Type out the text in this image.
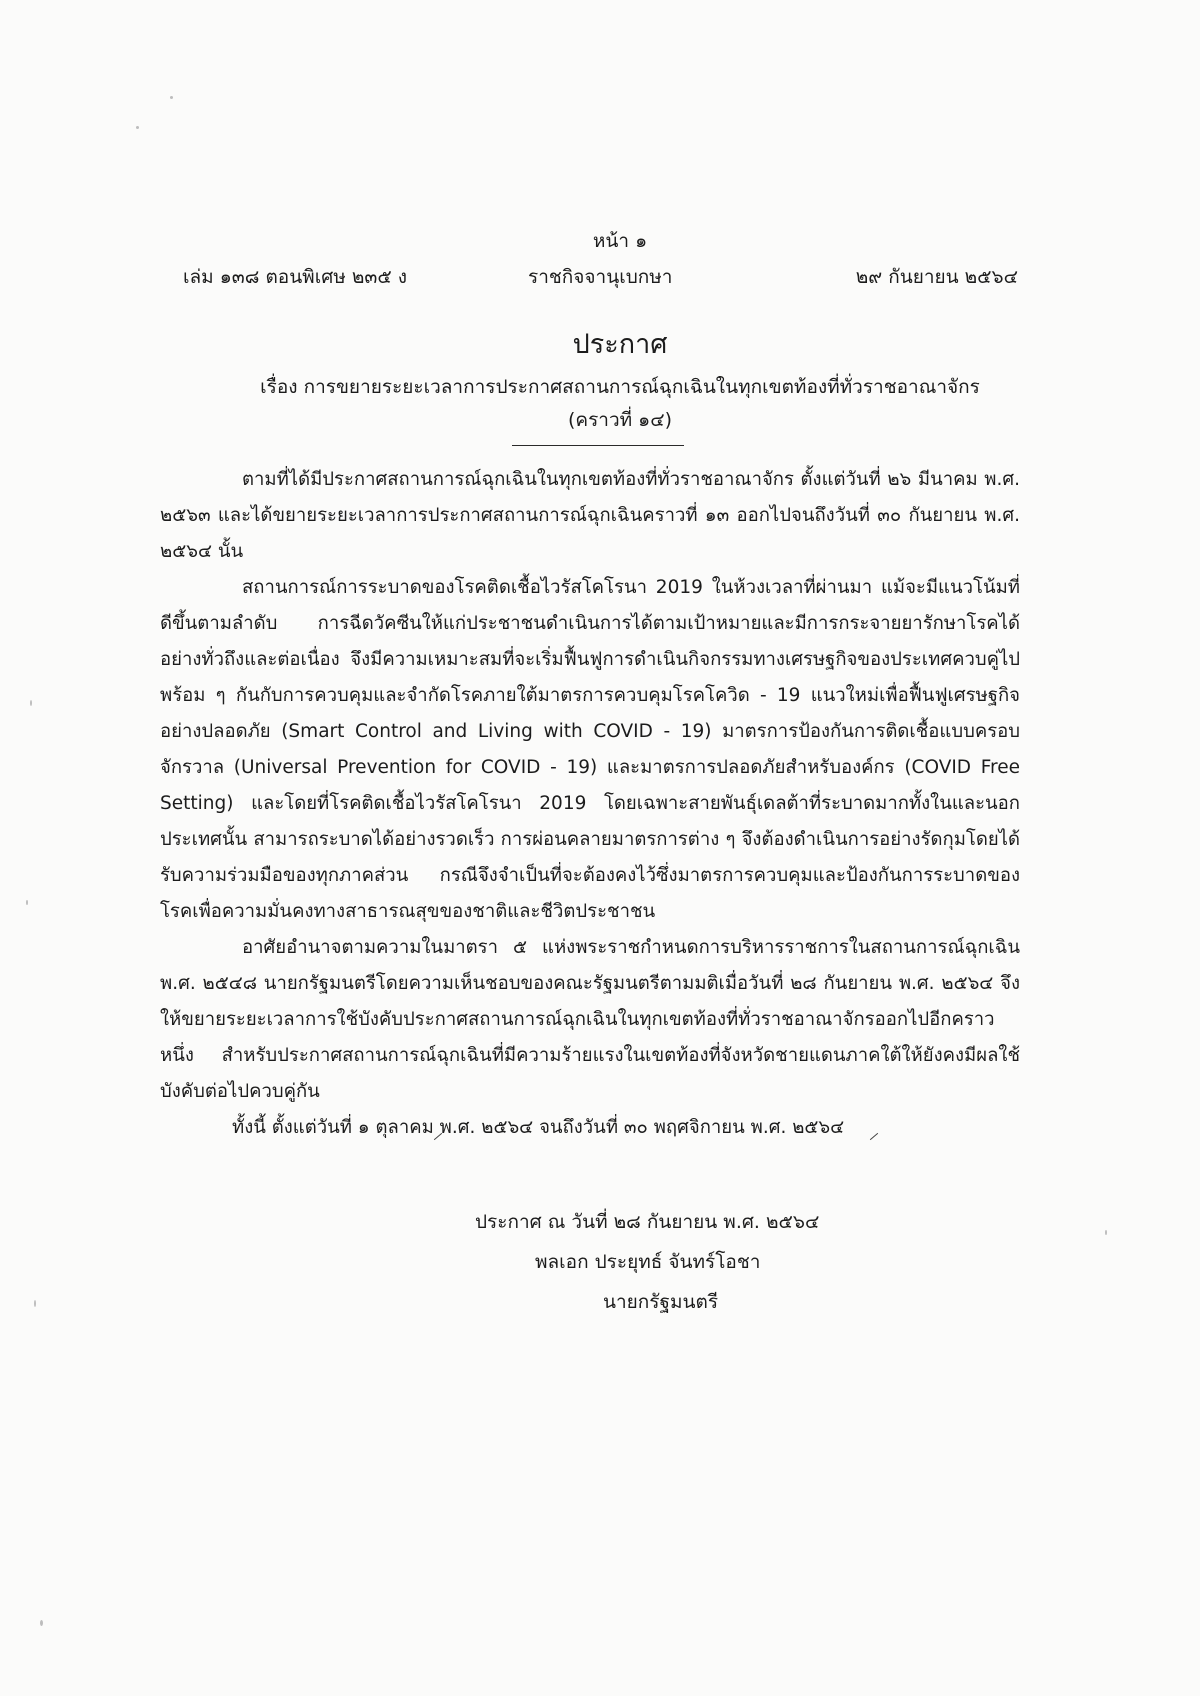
หน้า ๑
เล่ม ๑๓๘ ตอนพิเศษ ๒๓๕ ง	ราชกิจจานุเบกษา	๒๙ กันยายน ๒๕๖๔
ประกาศ
เรื่อง การขยายระยะเวลาการประกาศสถานการณ์ฉุกเฉินในทุกเขตท้องที่ทั่วราชอาณาจักร
(คราวที่ ๑๔)

ตามที่ได้มีประกาศสถานการณ์ฉุกเฉินในทุกเขตท้องที่ทั่วราชอาณาจักร ตั้งแต่วันที่ ๒๖ มีนาคม พ.ศ. ๒๕๖๓ และได้ขยายระยะเวลาการประกาศสถานการณ์ฉุกเฉินคราวที่ ๑๓ ออกไปจนถึงวันที่ ๓๐ กันยายน พ.ศ. ๒๕๖๔ นั้น

สถานการณ์การระบาดของโรคติดเชื้อไวรัสโคโรนา 2019 ในห้วงเวลาที่ผ่านมา แม้จะมีแนวโน้มที่ดีขึ้นตามลำดับ การฉีดวัคซีนให้แก่ประชาชนดำเนินการได้ตามเป้าหมายและมีการกระจายยารักษาโรคได้อย่างทั่วถึงและต่อเนื่อง จึงมีความเหมาะสมที่จะเริ่มฟื้นฟูการดำเนินกิจกรรมทางเศรษฐกิจของประเทศควบคู่ไปพร้อม ๆ กันกับการควบคุมและจำกัดโรคภายใต้มาตรการควบคุมโรคโควิด - 19 แนวใหม่เพื่อฟื้นฟูเศรษฐกิจอย่างปลอดภัย (Smart Control and Living with COVID - 19) มาตรการป้องกันการติดเชื้อแบบครอบจักรวาล (Universal Prevention for COVID - 19) และมาตรการปลอดภัยสำหรับองค์กร (COVID Free Setting) และโดยที่โรคติดเชื้อไวรัสโคโรนา 2019 โดยเฉพาะสายพันธุ์เดลต้าที่ระบาดมากทั้งในและนอกประเทศนั้น สามารถระบาดได้อย่างรวดเร็ว การผ่อนคลายมาตรการต่าง ๆ จึงต้องดำเนินการอย่างรัดกุมโดยได้รับความร่วมมือของทุกภาคส่วน กรณีจึงจำเป็นที่จะต้องคงไว้ซึ่งมาตรการควบคุมและป้องกันการระบาดของโรคเพื่อความมั่นคงทางสาธารณสุขของชาติและชีวิตประชาชน

อาศัยอำนาจตามความในมาตรา ๕ แห่งพระราชกำหนดการบริหารราชการในสถานการณ์ฉุกเฉิน พ.ศ. ๒๕๔๘ นายกรัฐมนตรีโดยความเห็นชอบของคณะรัฐมนตรีตามมติเมื่อวันที่ ๒๘ กันยายน พ.ศ. ๒๕๖๔ จึงให้ขยายระยะเวลาการใช้บังคับประกาศสถานการณ์ฉุกเฉินในทุกเขตท้องที่ทั่วราชอาณาจักรออกไปอีกคราวหนึ่ง สำหรับประกาศสถานการณ์ฉุกเฉินที่มีความร้ายแรงในเขตท้องที่จังหวัดชายแดนภาคใต้ให้ยังคงมีผลใช้บังคับต่อไปควบคู่กัน

ทั้งนี้ ตั้งแต่วันที่ ๑ ตุลาคม พ.ศ. ๒๕๖๔ จนถึงวันที่ ๓๐ พฤศจิกายน พ.ศ. ๒๕๖๔

ประกาศ ณ วันที่ ๒๘ กันยายน พ.ศ. ๒๕๖๔
พลเอก ประยุทธ์ จันทร์โอชา
นายกรัฐมนตรี
